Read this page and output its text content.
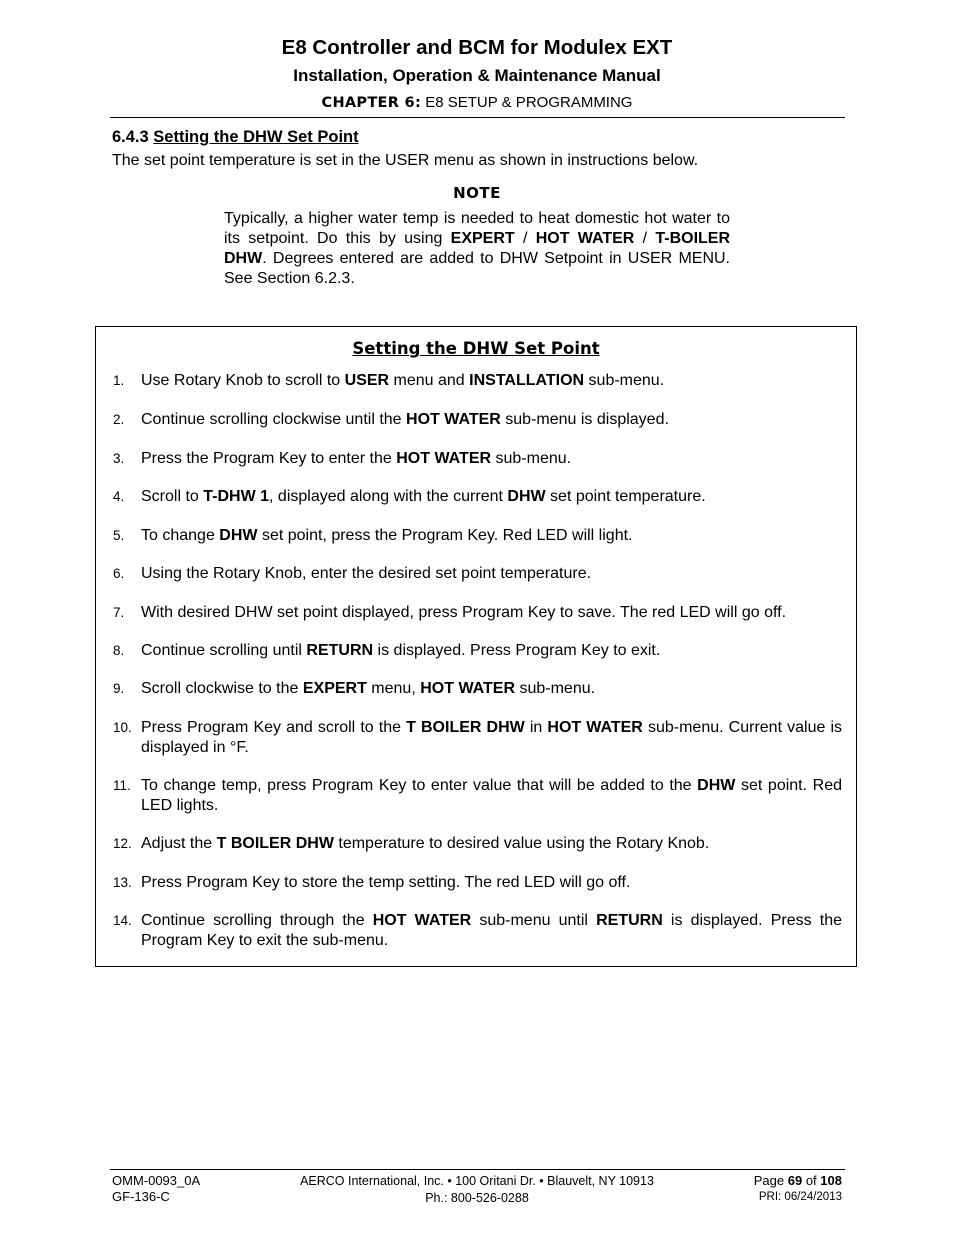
E8 Controller and BCM for Modulex EXT
Installation, Operation & Maintenance Manual
CHAPTER 6: E8 SETUP & PROGRAMMING
6.4.3 Setting the DHW Set Point
The set point temperature is set in the USER menu as shown in instructions below.
NOTE
Typically, a higher water temp is needed to heat domestic hot water to its setpoint. Do this by using EXPERT / HOT WATER / T-BOILER DHW. Degrees entered are added to DHW Setpoint in USER MENU. See Section 6.2.3.
Setting the DHW Set Point
1. Use Rotary Knob to scroll to USER menu and INSTALLATION sub-menu.
2. Continue scrolling clockwise until the HOT WATER sub-menu is displayed.
3. Press the Program Key to enter the HOT WATER sub-menu.
4. Scroll to T-DHW 1, displayed along with the current DHW set point temperature.
5. To change DHW set point, press the Program Key. Red LED will light.
6. Using the Rotary Knob, enter the desired set point temperature.
7. With desired DHW set point displayed, press Program Key to save. The red LED will go off.
8. Continue scrolling until RETURN is displayed. Press Program Key to exit.
9. Scroll clockwise to the EXPERT menu, HOT WATER sub-menu.
10. Press Program Key and scroll to the T BOILER DHW in HOT WATER sub-menu. Current value is displayed in °F.
11. To change temp, press Program Key to enter value that will be added to the DHW set point. Red LED lights.
12. Adjust the T BOILER DHW temperature to desired value using the Rotary Knob.
13. Press Program Key to store the temp setting. The red LED will go off.
14. Continue scrolling through the HOT WATER sub-menu until RETURN is displayed. Press the Program Key to exit the sub-menu.
OMM-0093_0A
GF-136-C
AERCO International, Inc. • 100 Oritani Dr. • Blauvelt, NY 10913
Ph.: 800-526-0288
Page 69 of 108
PRI: 06/24/2013
